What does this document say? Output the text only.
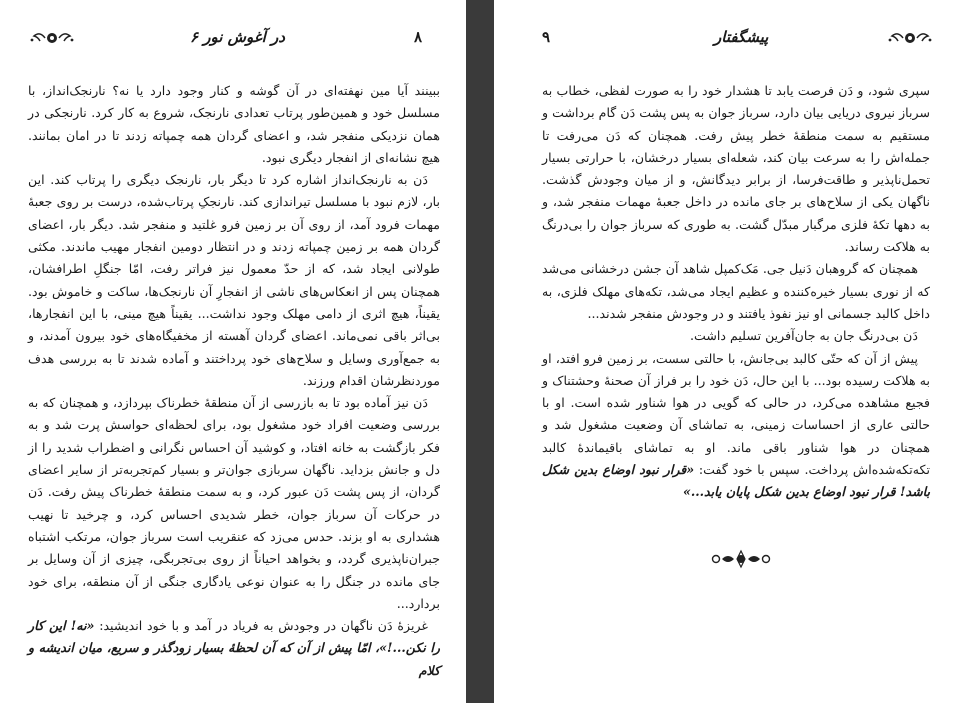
در آغوش نور ۶	۸

ببینند آیا مین نهفته‌ای در آن گوشه و کنار وجود دارد یا نه؟ نارنجک‌انداز، با مسلسل خود و همین‌طور پرتاب تعدادی نارنجک، شروع به کار کرد. نارنجکی در همان نزدیکی منفجر شد، و اعضای گردان همه چمپاته زدند تا در امان بمانند. هیچ نشانه‌ای از انفجار دیگری نبود.

دَن به نارنجک‌انداز اشاره کرد تا دیگر بار، نارنجک دیگری را پرتاب کند. این بار، لازم نبود با مسلسل تیراندازی کند. نارنجکِ پرتاب‌شده، درست بر روی جعبهٔ مهمات فرود آمد، از روی آن بر زمین فرو غلتید و منفجر شد. دیگر بار، اعضای گردان همه بر زمین چمپاته زدند و در انتظار دومین انفجار مهیب ماندند. مکثی طولانی ایجاد شد، که از حدّ معمول نیز فراتر رفت، امّا جنگلِ اطرافشان، همچنان پس از انعکاس‌های ناشی از انفجارِ آن نارنجک‌ها، ساکت و خاموش بود. یقیناً، هیچ اثری از دامی مهلک وجود نداشت... یقیناً هیچ مینی، با این انفجارها، بی‌اثر باقی نمی‌ماند. اعضای گردان آهسته از مخفیگاه‌های خود بیرون آمدند، و به جمع‌آوری وسایل و سلاح‌های خود پرداختند و آماده شدند تا به بررسی هدف موردنظرشان اقدام ورزند.

دَن نیز آماده بود تا به بازرسی از آن منطقهٔ خطرناک بپردازد، و همچنان که به بررسی وضعیت افراد خود مشغول بود، برای لحظه‌ای حواسش پرت شد و به فکر بازگشت به خانه افتاد، و کوشید آن احساس نگرانی و اضطراب شدید را از دل و جانش بزداید. ناگهان سربازی جوان‌تر و بسیار کم‌تجربه‌تر از سایر اعضای گردان، از پس پشت دَن عبور کرد، و به سمت منطقهٔ خطرناک پیش رفت. دَن در حرکات آن سرباز جوان، خطر شدیدی احساس کرد، و چرخید تا نهیب هشداری به او بزند. حدس می‌زد که عنقریب است سرباز جوان، مرتکب اشتباه جبران‌ناپذیری گردد، و بخواهد احیاناً از روی بی‌تجربگی، چیزی از آن وسایل بر جای مانده در جنگل را به عنوان نوعی یادگاری جنگی از آن منطقه، برای خود بردارد...

غریزهٔ دَن ناگهان در وجودش به فریاد در آمد و با خود اندیشید: «نه! این کار را نکن...!»، امّا پیش از آن که آن لحظهٔ بسیار زودگذر و سریع، میان اندیشه و کلام

۹	پیشگفتار

سپری شود، و دَن فرصت یابد تا هشدار خود را به صورت لفظی، خطاب به سرباز نیروی دریایی بیان دارد، سرباز جوان به پس پشت دَن گام برداشت و مستقیم به سمت منطقهٔ خطر پیش رفت. همچنان که دَن می‌رفت تا جمله‌اش را به سرعت بیان کند، شعله‌ای بسیار درخشان، با حرارتی بسیار تحمل‌ناپذیر و طاقت‌فرسا، از برابر دیدگانش، و از میان وجودش گذشت. ناگهان یکی از سلاح‌های بر جای مانده در داخل جعبهٔ مهمات منفجر شد، و به دهها تکهٔ فلزی مرگبار مبدّل گشت. به طوری که سرباز جوان را بی‌درنگ به هلاکت رساند.

همچنان که گروهبان دَنیل جی. مَک‌کمپل شاهد آن جشن درخشانی می‌شد که از نوری بسیار خیره‌کننده و عظیم ایجاد می‌شد، تکه‌های مهلک فلزی، به داخل کالبد جسمانی او نیز نفوذ یافتند و در وجودش منفجر شدند...

دَن بی‌درنگ جان به جان‌آفرین تسلیم داشت.

پیش از آن که حتّی کالبد بی‌جانش، با حالتی سست، بر زمین فرو افتد، او به هلاکت رسیده بود... با این حال، دَن خود را بر فراز آن صحنهٔ وحشتناک و فجیع مشاهده می‌کرد، در حالی که گویی در هوا شناور شده است. او با حالتی عاری از احساسات زمینی، به تماشای آن وضعیت مشغول شد و همچنان در هوا شناور باقی ماند. او به تماشای باقیماندهٔ کالبد تکه‌تکه‌شده‌اش پرداخت. سپس با خود گفت: «قرار نبود اوضاع بدین شکل باشد! قرار نبود اوضاع بدین شکل پایان یابد...»
